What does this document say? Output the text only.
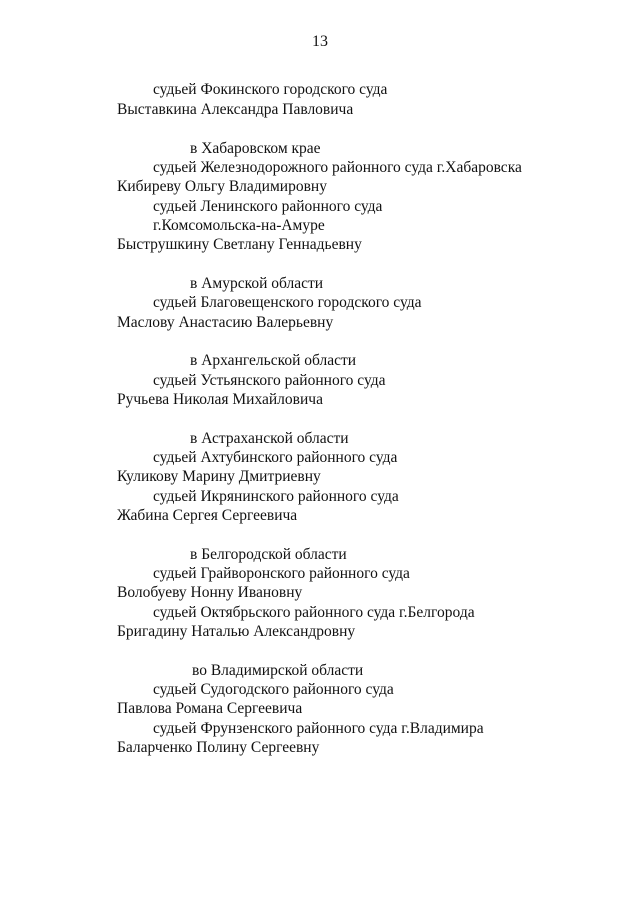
13
судьей Фокинского городского суда
Выставкина Александра Павловича
в Хабаровском крае
судьей Железнодорожного районного суда г.Хабаровска
Кибиреву Ольгу Владимировну
судьей Ленинского районного суда
г.Комсомольска-на-Амуре
Быструшкину Светлану Геннадьевну
в Амурской области
судьей Благовещенского городского суда
Маслову Анастасию Валерьевну
в Архангельской области
судьей Устьянского районного суда
Ручьева Николая Михайловича
в Астраханской области
судьей Ахтубинского районного суда
Куликову Марину Дмитриевну
судьей Икрянинского районного суда
Жабина Сергея Сергеевича
в Белгородской области
судьей Грайворонского районного суда
Волобуеву Нонну Ивановну
судьей Октябрьского районного суда г.Белгорода
Бригадину Наталью Александровну
во Владимирской области
судьей Судогодского районного суда
Павлова Романа Сергеевича
судьей Фрунзенского районного суда г.Владимира
Баларченко Полину Сергеевну
